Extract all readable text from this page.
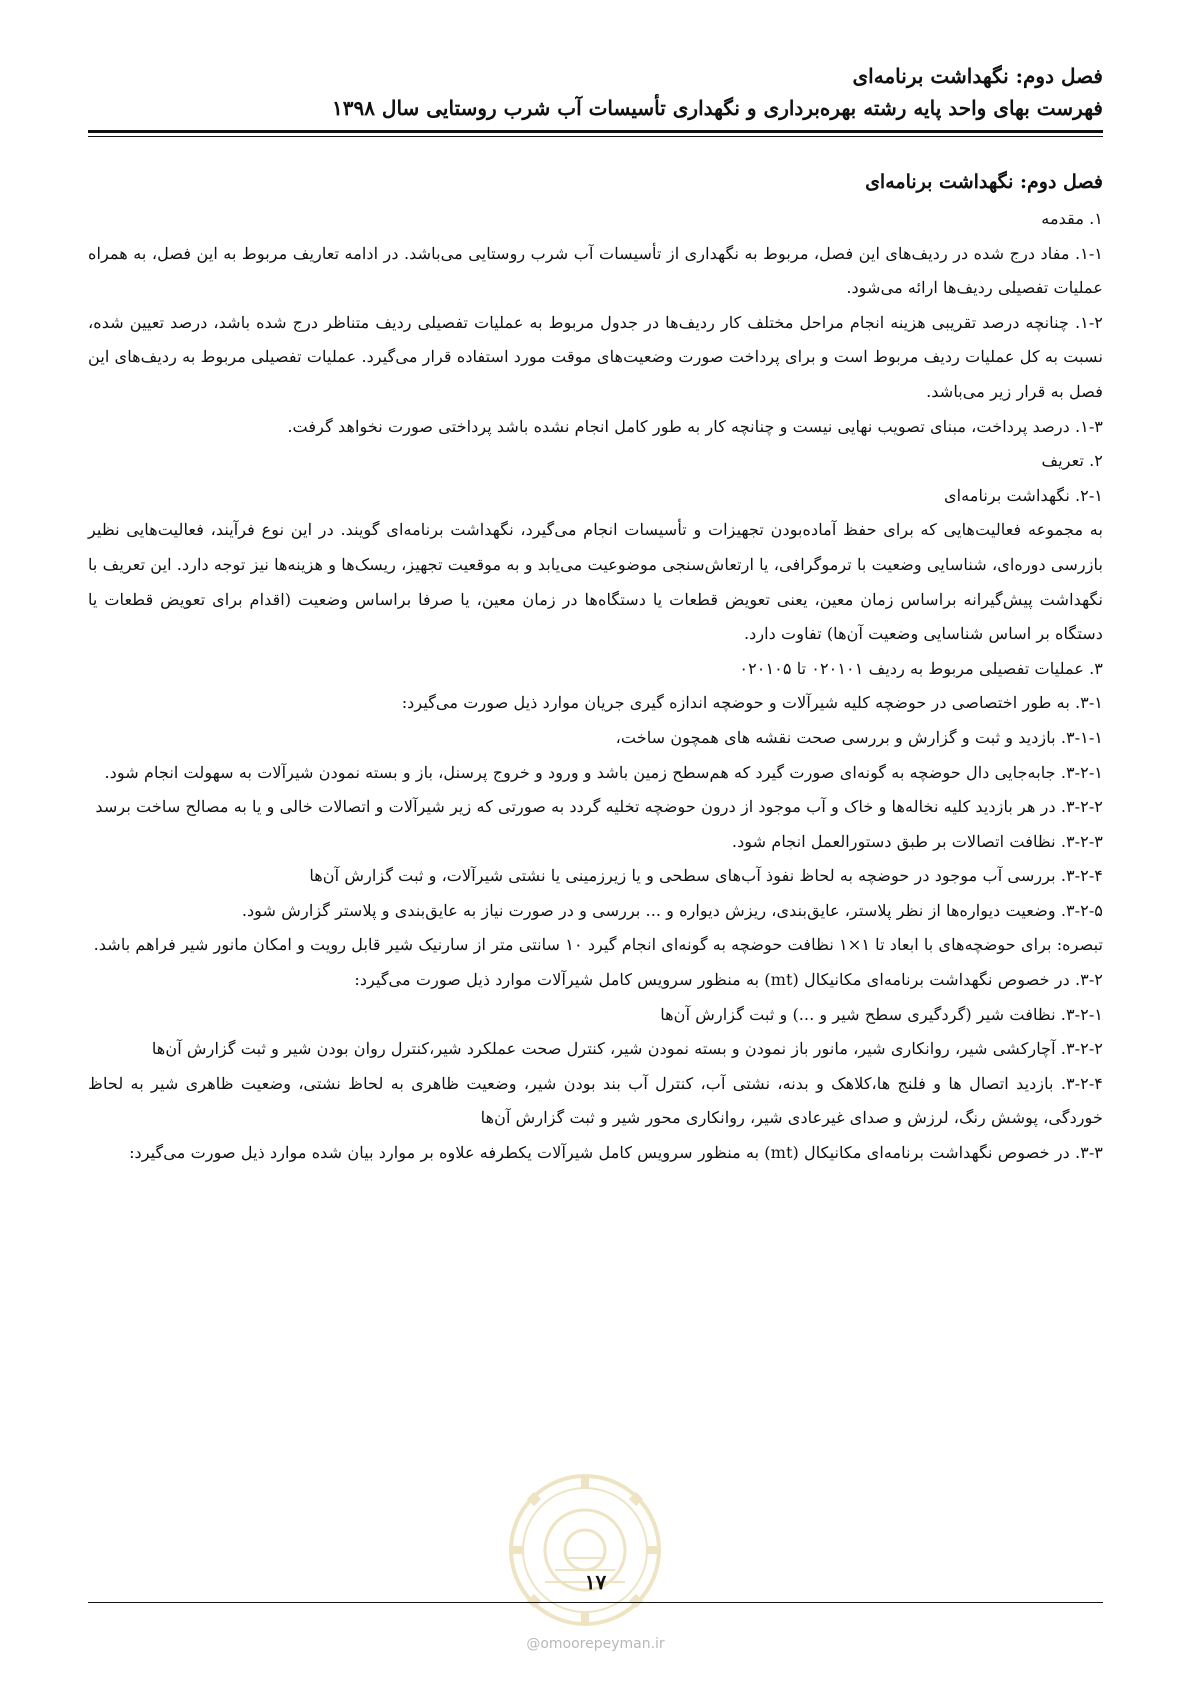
فصل دوم: نگهداشت برنامه‌ای
فهرست بهای واحد پایه رشته بهره‌برداری و نگهداری تأسیسات آب شرب روستایی سال ۱۳۹۸

فصل دوم: نگهداشت برنامه‌ای

۱. مقدمه

۱-۱. مفاد درج شده در ردیف‌های این فصل، مربوط به نگهداری از تأسیسات آب شرب روستایی می‌باشد. در ادامه تعاریف مربوط به این فصل، به همراه عملیات تفصیلی ردیف‌ها ارائه می‌شود.

۱-۲. چنانچه درصد تقریبی هزینه انجام مراحل مختلف کار ردیف‌ها در جدول مربوط به عملیات تفصیلی ردیف متناظر درج شده باشد، درصد تعیین شده، نسبت به کل عملیات ردیف مربوط است و برای پرداخت صورت وضعیت‌های موقت مورد استفاده قرار می‌گیرد. عملیات تفصیلی مربوط به ردیف‌های این فصل به قرار زیر می‌باشد.

۱-۳. درصد پرداخت، مبنای تصویب نهایی نیست و چنانچه کار به طور کامل انجام نشده باشد پرداختی صورت نخواهد گرفت.

۲. تعریف

۲-۱. نگهداشت برنامه‌ای

به مجموعه فعالیت‌هایی که برای حفظ آماده‌بودن تجهیزات و تأسیسات انجام می‌گیرد، نگهداشت برنامه‌ای گویند. در این نوع فرآیند، فعالیت‌هایی نظیر بازرسی دوره‌ای، شناسایی وضعیت با ترموگرافی، یا ارتعاش‌سنجی موضوعیت می‌یابد و به موقعیت تجهیز، ریسک‌ها و هزینه‌ها نیز توجه دارد. این تعریف با نگهداشت پیش‌گیرانه براساس زمان معین، یعنی تعویض قطعات یا دستگاه‌ها در زمان معین، یا صرفا براساس وضعیت (اقدام برای تعویض قطعات یا دستگاه بر اساس شناسایی وضعیت آن‌ها) تفاوت دارد.

۳. عملیات تفصیلی مربوط به ردیف ۰۲۰۱۰۱ تا ۰۲۰۱۰۵

۳-۱. به طور اختصاصی در حوضچه کلیه شیرآلات و حوضچه اندازه گیری جریان موارد ذیل صورت می‌گیرد:

۳-۱-۱. بازدید و ثبت و گزارش و بررسی صحت نقشه های همچون ساخت،

۳-۲-۱. جابه‌جایی دال حوضچه به گونه‌ای صورت گیرد که هم‌سطح زمین باشد و ورود و خروج پرسنل، باز و بسته نمودن شیرآلات به سهولت انجام شود.

۳-۲-۲. در هر بازدید کلیه نخاله‌ها و خاک و آب موجود از درون حوضچه تخلیه گردد به صورتی که زیر شیرآلات و اتصالات خالی و یا به مصالح ساخت برسد

۳-۲-۳. نظافت اتصالات بر طبق دستورالعمل انجام شود.

۳-۲-۴. بررسی آب موجود در حوضچه به لحاظ نفوذ آب‌های سطحی و یا زیرزمینی یا نشتی شیرآلات، و ثبت گزارش آن‌ها

۳-۲-۵. وضعیت دیواره‌ها از نظر پلاستر، عایق‌بندی، ریزش دیواره و ... بررسی و در صورت نیاز به عایق‌بندی و پلاستر گزارش شود.

تبصره: برای حوضچه‌های با ابعاد تا ۱×۱ نظافت حوضچه به گونه‌ای انجام گیرد ۱۰ سانتی متر از سارنیک شیر قابل رویت و امکان مانور شیر فراهم باشد.

۳-۲. در خصوص نگهداشت برنامه‌ای مکانیکال (mt) به منظور سرویس کامل شیرآلات موارد ذیل صورت می‌گیرد:

۳-۲-۱. نظافت شیر (گردگیری سطح شیر و ...) و ثبت گزارش آن‌ها

۳-۲-۲. آچارکشی شیر، روانکاری شیر، مانور باز نمودن و بسته نمودن شیر، کنترل صحت عملکرد شیر،کنترل روان بودن شیر و ثبت گزارش آن‌ها

۳-۲-۴. بازدید اتصال ها و فلنج ها،کلاهک و بدنه، نشتی آب، کنترل آب بند بودن شیر، وضعیت ظاهری به لحاظ نشتی، وضعیت ظاهری شیر به لحاظ خوردگی، پوشش رنگ، لرزش و صدای غیرعادی شیر، روانکاری محور شیر و ثبت گزارش آن‌ها

۳-۳. در خصوص نگهداشت برنامه‌ای مکانیکال (mt) به منظور سرویس کامل شیرآلات یکطرفه علاوه بر موارد بیان شده موارد ذیل صورت می‌گیرد:

۱۷
@omoorepeyman.ir
